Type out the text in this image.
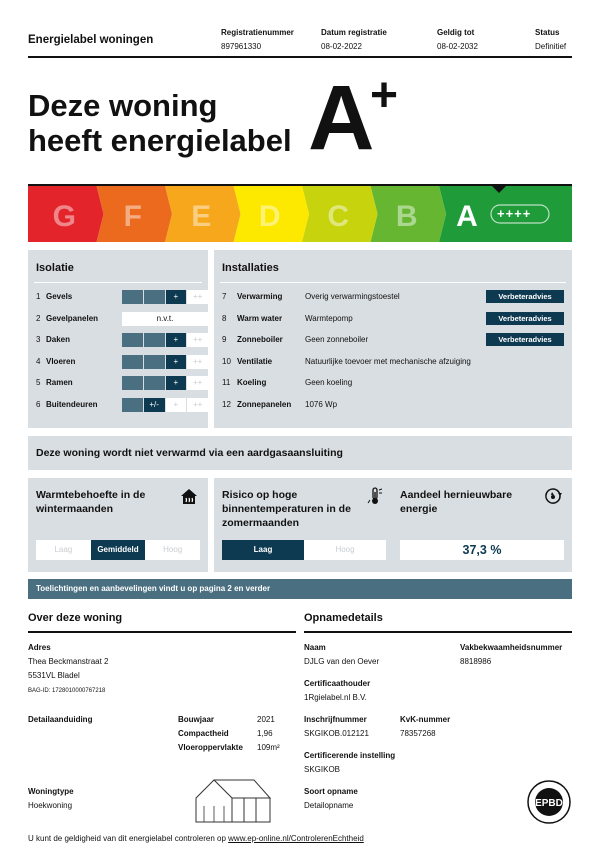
Energielabel woningen
Registratienummer
897961330
Datum registratie
08-02-2022
Geldig tot
08-02-2032
Status
Definitief
Deze woning
heeft energielabel A
+
G F E D C B A ++++
Isolatie
1 Gevels	+	++
2 Gevelpanelen	n.v.t.
3 Daken	+	++
4 Vloeren	+	++
5 Ramen	+	++
6 Buitendeuren	+/-	+	++
Installaties
7 Verwarming	Overig verwarmingstoestel	Verbeteradvies
8 Warm water	Warmtepomp	Verbeteradvies
9 Zonneboiler	Geen zonneboiler	Verbeteradvies
10 Ventilatie	Natuurlijke toevoer met mechanische afzuiging
11 Koeling	Geen koeling
12 Zonnepanelen 1076 Wp
Deze woning wordt niet verwarmd via een aardgasaansluiting
Warmtebehoefte in de wintermaanden
Laag	Gemiddeld	Hoog
Risico op hoge binnentemperaturen in de zomermaanden
Laag	Hoog
Aandeel hernieuwbare energie
37,3 %
Toelichtingen en aanbevelingen vindt u op pagina 2 en verder
Over deze woning
Adres
Thea Beckmanstraat 2
5531VL Bladel
BAG-ID: 1728010000767218
Detailaanduiding	Bouwjaar	2021
Compactheid	1,96
Vloeroppervlakte 109m²
Woningtype
Hoekwoning
Opnamedetails
Naam
DJLG van den Oever
Vakbekwaamheidsnummer
8818986
Certificaathouder
1Rgielabel.nl B.V.
Inschrijfnummer
SKGIKOB.012121
KvK-nummer
78357268
Certificerende instelling
SKGIKOB
Soort opname
Detailopname	EPBD
U kunt de geldigheid van dit energielabel controleren op www.ep-online.nl/ControlerenEchtheid
